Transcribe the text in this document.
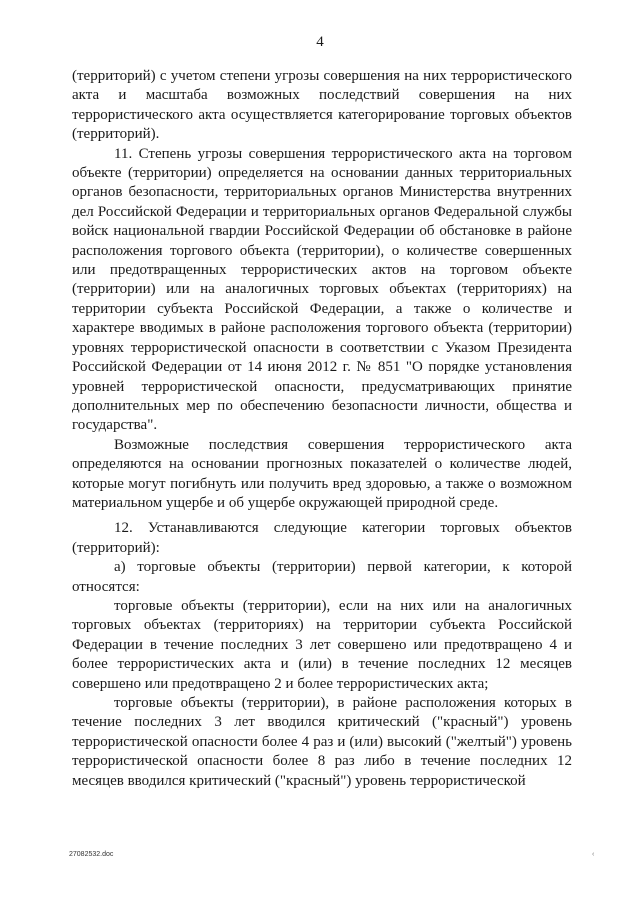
4

(территорий) с учетом степени угрозы совершения на них террористического акта и масштаба возможных последствий совершения на них террористического акта осуществляется категорирование торговых объектов (территорий).

11. Степень угрозы совершения террористического акта на торговом объекте (территории) определяется на основании данных территориальных органов безопасности, территориальных органов Министерства внутренних дел Российской Федерации и территориальных органов Федеральной службы войск национальной гвардии Российской Федерации об обстановке в районе расположения торгового объекта (территории), о количестве совершенных или предотвращенных террористических актов на торговом объекте (территории) или на аналогичных торговых объектах (территориях) на территории субъекта Российской Федерации, а также о количестве и характере вводимых в районе расположения торгового объекта (территории) уровнях террористической опасности в соответствии с Указом Президента Российской Федерации от 14 июня 2012 г. № 851 "О порядке установления уровней террористической опасности, предусматривающих принятие дополнительных мер по обеспечению безопасности личности, общества и государства".

Возможные последствия совершения террористического акта определяются на основании прогнозных показателей о количестве людей, которые могут погибнуть или получить вред здоровью, а также о возможном материальном ущербе и об ущербе окружающей природной среде.

12. Устанавливаются следующие категории торговых объектов (территорий):

а) торговые объекты (территории) первой категории, к которой относятся:

торговые объекты (территории), если на них или на аналогичных торговых объектах (территориях) на территории субъекта Российской Федерации в течение последних 3 лет совершено или предотвращено 4 и более террористических акта и (или) в течение последних 12 месяцев совершено или предотвращено 2 и более террористических акта;

торговые объекты (территории), в районе расположения которых в течение последних 3 лет вводился критический ("красный") уровень террористической опасности более 4 раз и (или) высокий ("желтый") уровень террористической опасности более 8 раз либо в течение последних 12 месяцев вводился критический ("красный") уровень террористической

27082532.doc	‹
